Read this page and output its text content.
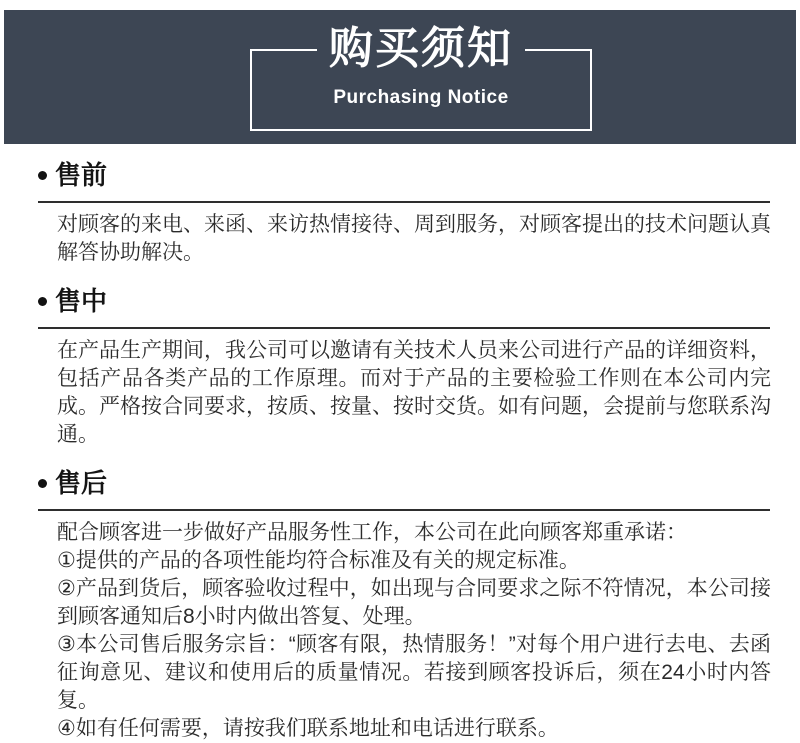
购买须知
Purchasing Notice
售前

对顾客的来电、来函、来访热情接待、周到服务，对顾客提出的技术问题认真解答协助解决。

售中

在产品生产期间，我公司可以邀请有关技术人员来公司进行产品的详细资料，包括产品各类产品的工作原理。而对于产品的主要检验工作则在本公司内完成。严格按合同要求，按质、按量、按时交货。如有问题，会提前与您联系沟通。

售后

配合顾客进一步做好产品服务性工作，本公司在此向顾客郑重承诺：

①提供的产品的各项性能均符合标准及有关的规定标准。

②产品到货后，顾客验收过程中，如出现与合同要求之际不符情况，本公司接到顾客通知后8小时内做出答复、处理。

③本公司售后服务宗旨：“顾客有限，热情服务！”对每个用户进行去电、去函征询意见、建议和使用后的质量情况。若接到顾客投诉后，须在24小时内答复。

④如有任何需要，请按我们联系地址和电话进行联系。
